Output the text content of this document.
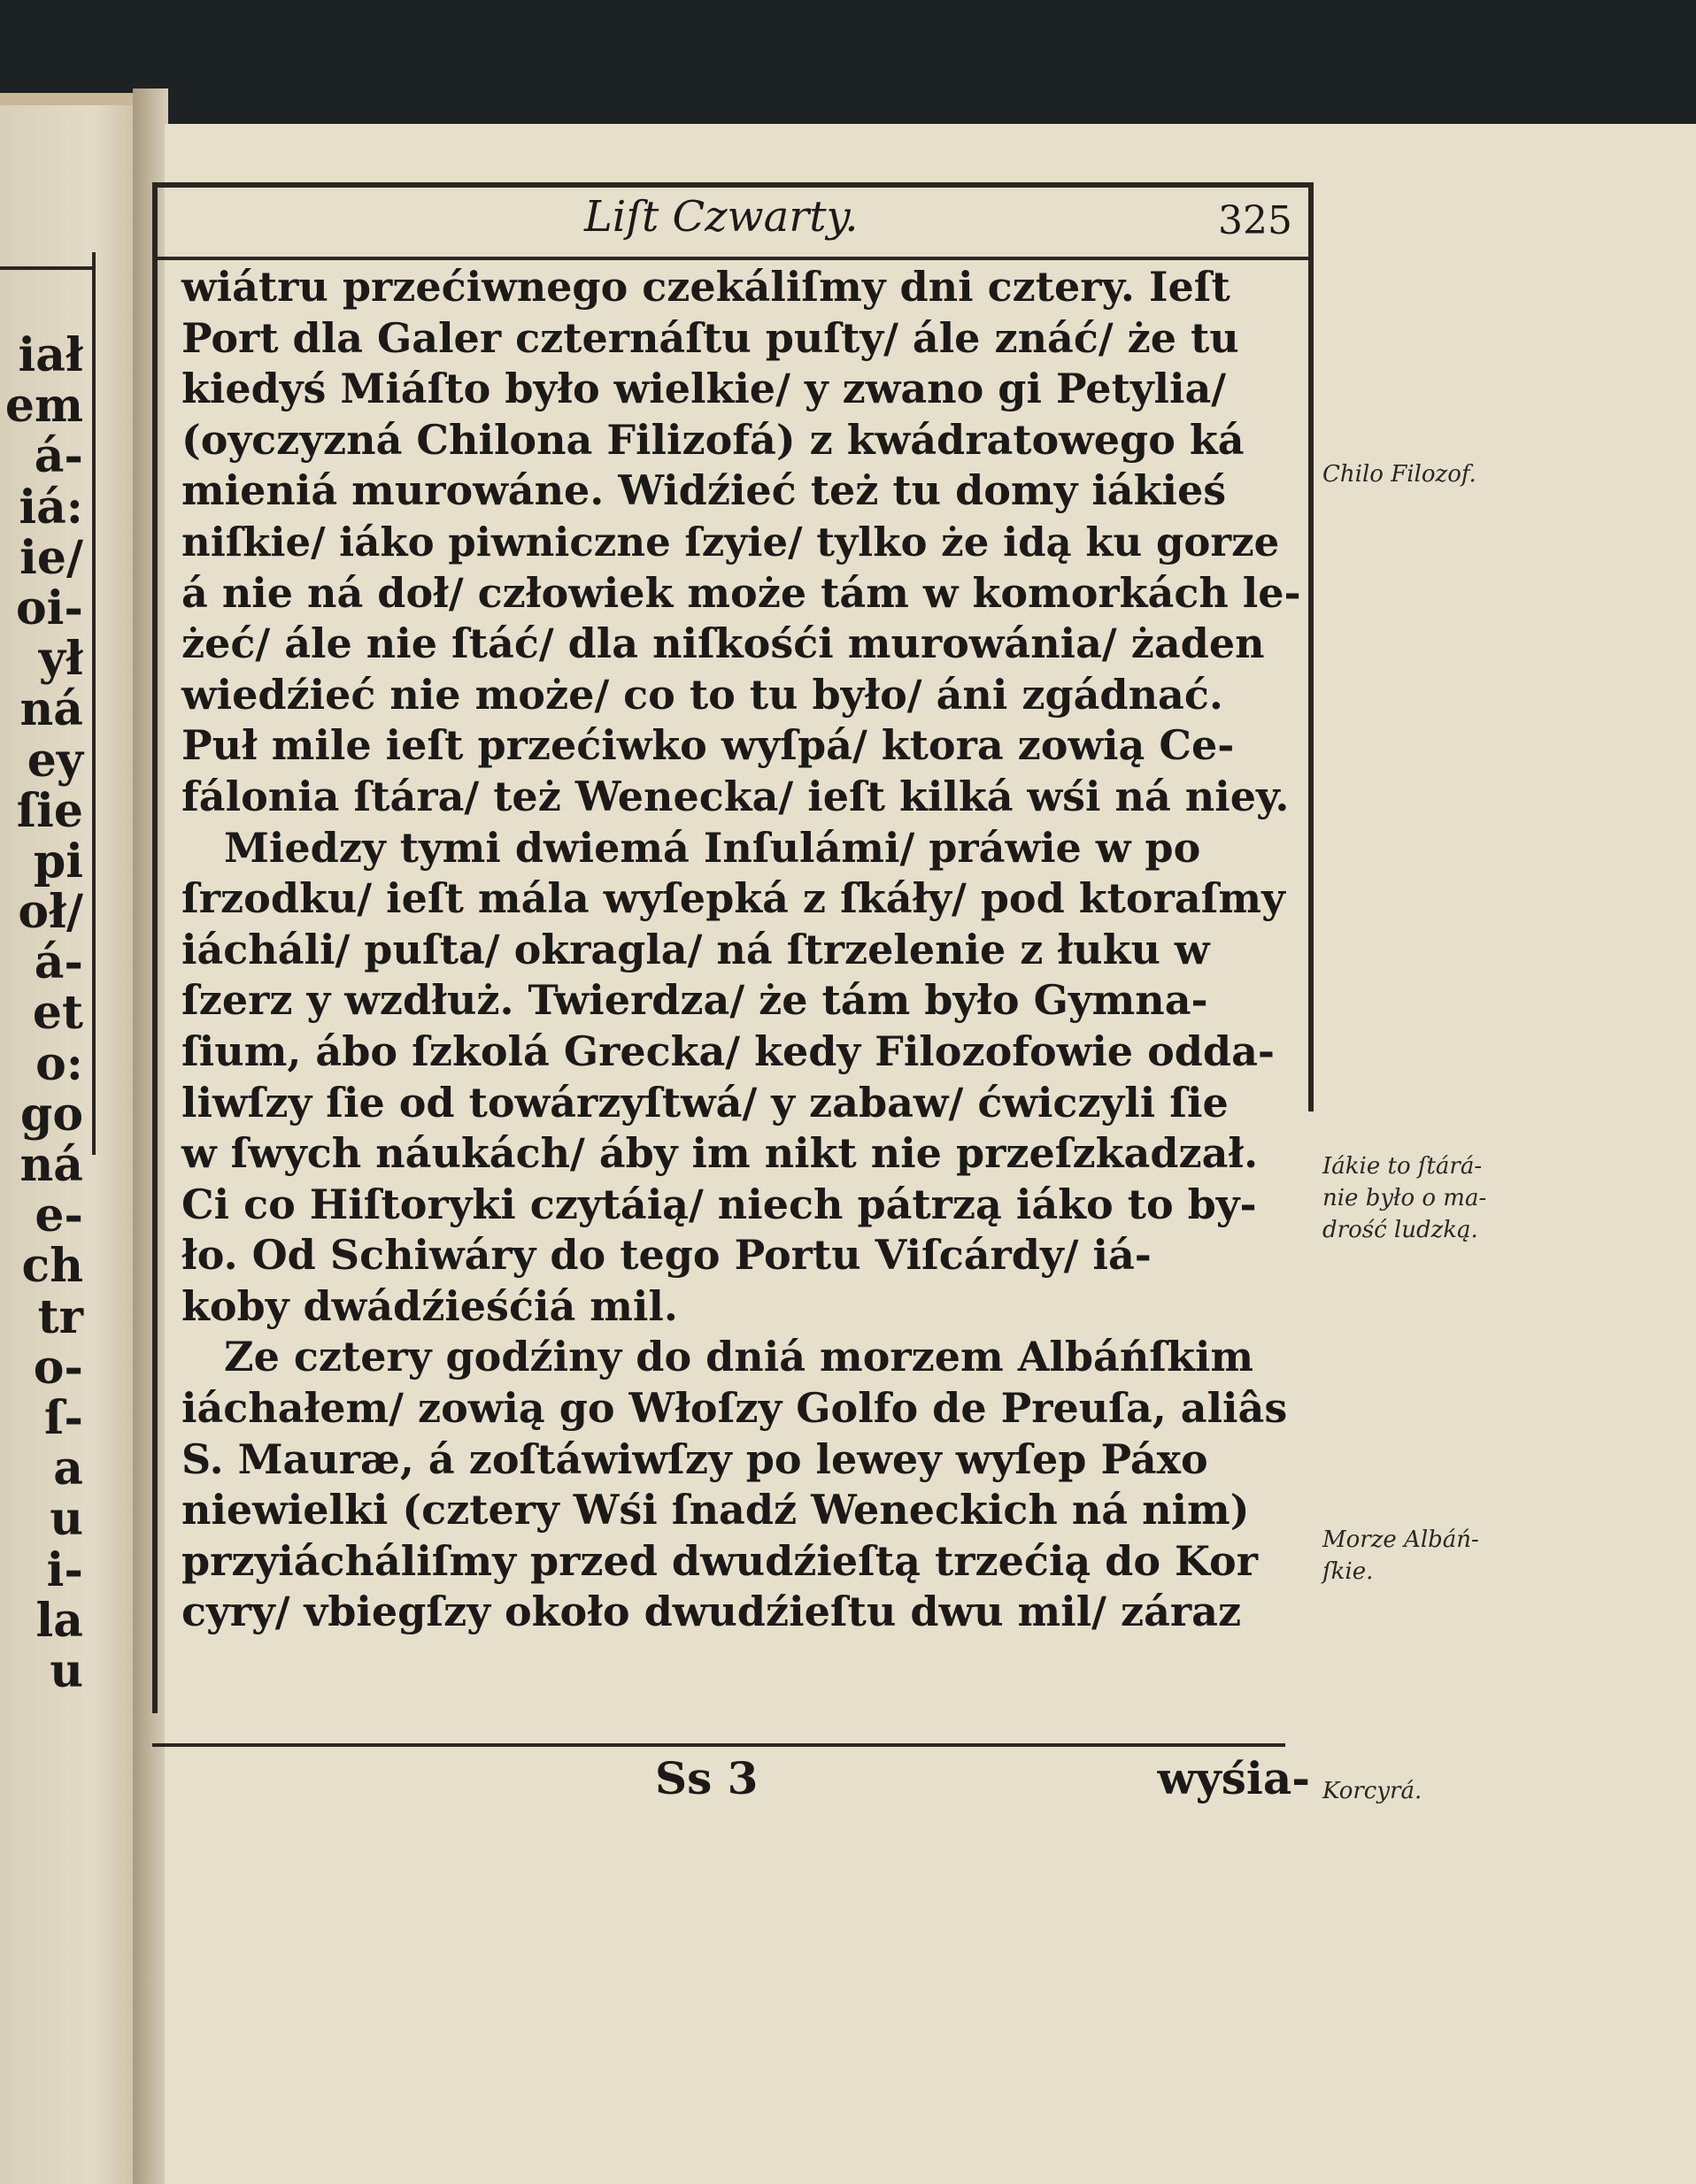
iał
em
á-
iá:
ie/
oi-
ył
ná
ey
ſie
pi
oł/
á-
et
o:
go
ná
e-
ch
tr
o-
ſ-
a
u
i-
la
u
Liſt Czwarty.	325
wiátru przećiwnego czekáliſmy dni cztery. Ieſt
Port dla Galer czternáſtu puſty/ ále znáć/ że tu
kiedyś Miáſto było wielkie/ y zwano gi Petylia/
(oyczyzná Chilona Filizofá) z kwádratowego ká
mieniá murowáne. Widźieć też tu domy iákieś
niſkie/ iáko piwniczne ſzyie/ tylko że idą ku gorze
á nie ná doł/ człowiek może tám w komorkách le-
żeć/ ále nie ſtáć/ dla niſkośći murowánia/ żaden
wiedźieć nie może/ co to tu było/ áni zgádnać.
Puł mile ieſt przećiwko wyſpá/ ktora zowią Ce-
fálonia ſtára/ też Wenecka/ ieſt kilká wśi ná niey.
Miedzy tymi dwiemá Inſulámi/ práwie w po
ſrzodku/ ieſt mála wyſepká z ſkáły/ pod ktoraſmy
iácháli/ puſta/ okragla/ ná ſtrzelenie z łuku w
ſzerz y wzdłuż. Twierdza/ że tám było Gymna-
ſium, ábo ſzkolá Grecka/ kedy Filozofowie odda-
liwſzy ſie od towárzyſtwá/ y zabaw/ ćwiczyli ſie
w ſwych náukách/ áby im nikt nie przeſzkadzał.
Ci co Hiſtoryki czytáią/ niech pátrzą iáko to by-
ło. Od Schiwáry do tego Portu Viſcárdy/ iá-
koby dwádźieśćiá mil.
Ze cztery godźiny do dniá morzem Albáńſkim
iáchałem/ zowią go Włoſzy Golfo de Preuſa, aliâs
S. Mauræ, á zoſtáwiwſzy po lewey wyſep Páxo
niewielki (cztery Wśi ſnadź Weneckich ná nim)
przyiácháliſmy przed dwudźieſtą trzećią do Kor
cyry/ vbiegſzy około dwudźieſtu dwu mil/ záraz
Ss 3	wyśia-
Chilo Filozof.
Iákie to ſtárá-
nie było o ma-
drość ludzką.
Morze Albáń-
ſkie.
Korcyrá.
